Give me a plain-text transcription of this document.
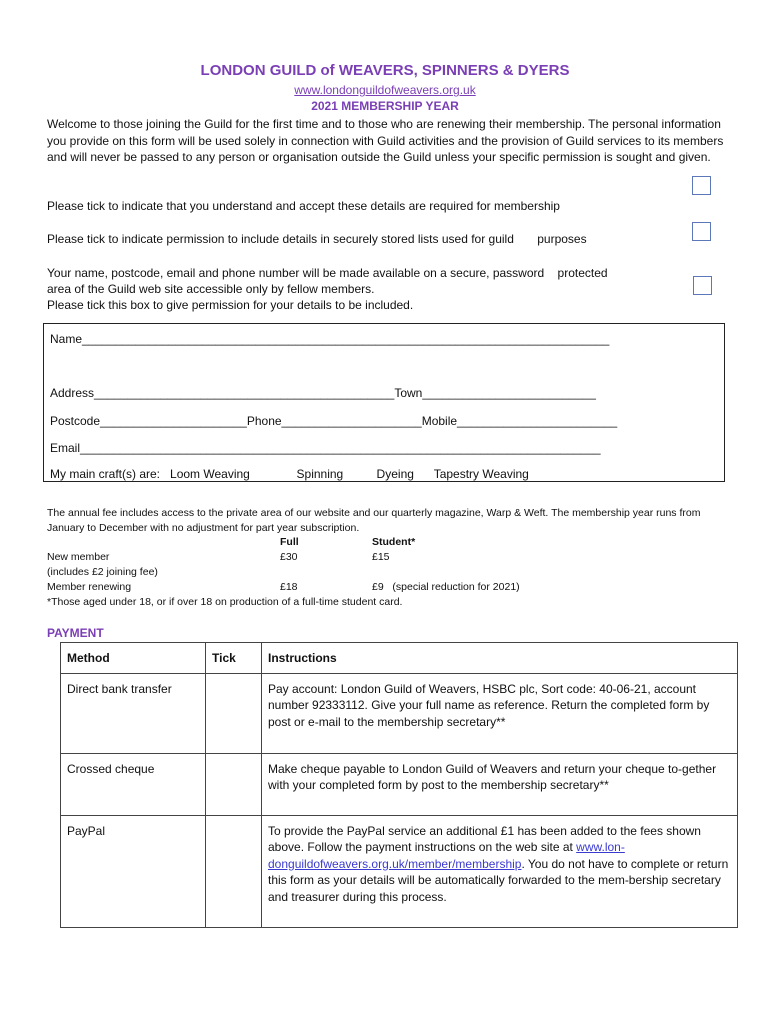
LONDON GUILD of WEAVERS, SPINNERS & DYERS
www.londonguildofweavers.org.uk
2021 MEMBERSHIP YEAR
Welcome to those joining the Guild for the first time and to those who are renewing their membership. The personal information you provide on this form will be used solely in connection with Guild activities and the provision of Guild services to its members and will never be passed to any person or organisation outside the Guild unless your specific permission is sought and given.
Please tick to indicate that you understand and accept these details are required for membership
Please tick to indicate permission to include details in securely stored lists used for guild       purposes
Your name, postcode, email and phone number will be made available on a secure, password    protected
area of the Guild web site accessible only by fellow members.
Please tick this box to give permission for your details to be included.
Name_______________________________________________________________________________
Address_____________________________________________Town__________________________
Postcode______________________Phone_____________________Mobile________________________
Email______________________________________________________________________________
My main craft(s) are:   Loom Weaving              Spinning          Dyeing      Tapestry Weaving
The annual fee includes access to the private area of our website and our quarterly magazine, Warp & Weft. The membership year runs from January to December with no adjustment for part year subscription.
Full	Student*
New member	£30	£15
(includes £2 joining fee)
Member renewing	£18	£9   (special reduction for 2021)
*Those aged under 18, or if over 18 on production of a full-time student card.
PAYMENT
Method	Tick	Instructions
Direct bank transfer		Pay account: London Guild of Weavers, HSBC plc, Sort code: 40-06-21, account number 92333112. Give your full name as reference. Return the completed form by post or e-mail to the membership secretary**
Crossed cheque		Make cheque payable to London Guild of Weavers and return your cheque to-gether with your completed form by post to the membership secretary**
PayPal		To provide the PayPal service an additional £1 has been added to the fees shown above. Follow the payment instructions on the web site at www.lon-donguildofweavers.org.uk/member/membership. You do not have to complete or return this form as your details will be automatically forwarded to the mem-bership secretary and treasurer during this process.
